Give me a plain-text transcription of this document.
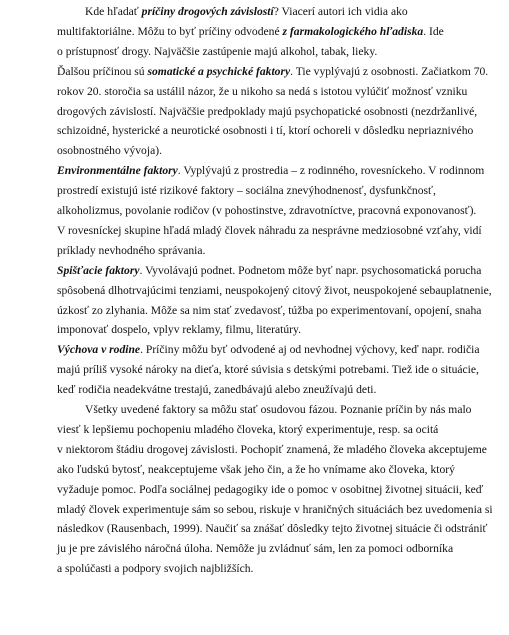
Kde hľadať príčiny drogových závislostí? Viacerí autori ich vidia ako
multifaktoriálne. Môžu to byť príčiny odvodené z farmakologického hľadiska. Ide
o prístupnosť drogy. Najväčšie zastúpenie majú alkohol, tabak, lieky.
Ďalšou príčinou sú somatické a psychické faktory. Tie vyplývajú z osobnosti. Začiatkom 70.
rokov 20. storočia sa ustálil názor, že u nikoho sa nedá s istotou vylúčiť možnosť vzniku
drogových závislostí. Najväčšie predpoklady majú psychopatické osobnosti (nezdržanlivé,
schizoidné, hysterické a neurotické osobnosti i tí, ktorí ochoreli v dôsledku nepriaznivého
osobnostného vývoja).
Environmentálne faktory. Vyplývajú z prostredia – z rodinného, rovesníckeho. V rodinnom
prostredí existujú isté rizikové faktory – sociálna znevýhodnenosť, dysfunkčnosť,
alkoholizmus, povolanie rodičov (v pohostinstve, zdravotníctve, pracovná exponovanosť).
V rovesníckej skupine hľadá mladý človek náhradu za nesprávne medziosobné vzťahy, vidí
príklady nevhodného správania.
Spišťacie faktory. Vyvolávajú podnet. Podnetom môže byť napr. psychosomatická porucha
spôsobená dlhotrvajúcimi tenziami, neuspokojený citový život, neuspokojené sebauplatnenie,
úzkosť zo zlyhania. Môže sa nim stať zvedavosť, túžba po experimentovaní, opojení, snaha
imponovať dospelo, vplyv reklamy, filmu, literatúry.
Výchova v rodine. Príčiny môžu byť odvodené aj od nevhodnej výchovy, keď napr. rodičia
majú príliš vysoké nároky na dieťa, ktoré súvisia s detskými potrebami. Tiež ide o situácie,
keď rodičia neadekvátne trestajú, zanedbávajú alebo zneužívajú deti.
Všetky uvedené faktory sa môžu stať osudovou fázou. Poznanie príčin by nás malo
viesť k lepšiemu pochopeniu mladého človeka, ktorý experimentuje, resp. sa ocitá
v niektorom štádiu drogovej závislosti. Pochopiť znamená, že mladého človeka akceptujeme
ako ľudskú bytosť, neakceptujeme však jeho čin, a že ho vnímame ako človeka, ktorý
vyžaduje pomoc. Podľa sociálnej pedagogiky ide o pomoc v osobitnej životnej situácii, keď
mladý človek experimentuje sám so sebou, riskuje v hraničných situáciách bez uvedomenia si
následkov (Rausenbach, 1999). Naučiť sa znášať dôsledky tejto životnej situácie či odstrániť
ju je pre závislého náročná úloha. Nemôže ju zvládnuť sám, len za pomoci odborníka
a spolúčasti a podpory svojich najbližších.
